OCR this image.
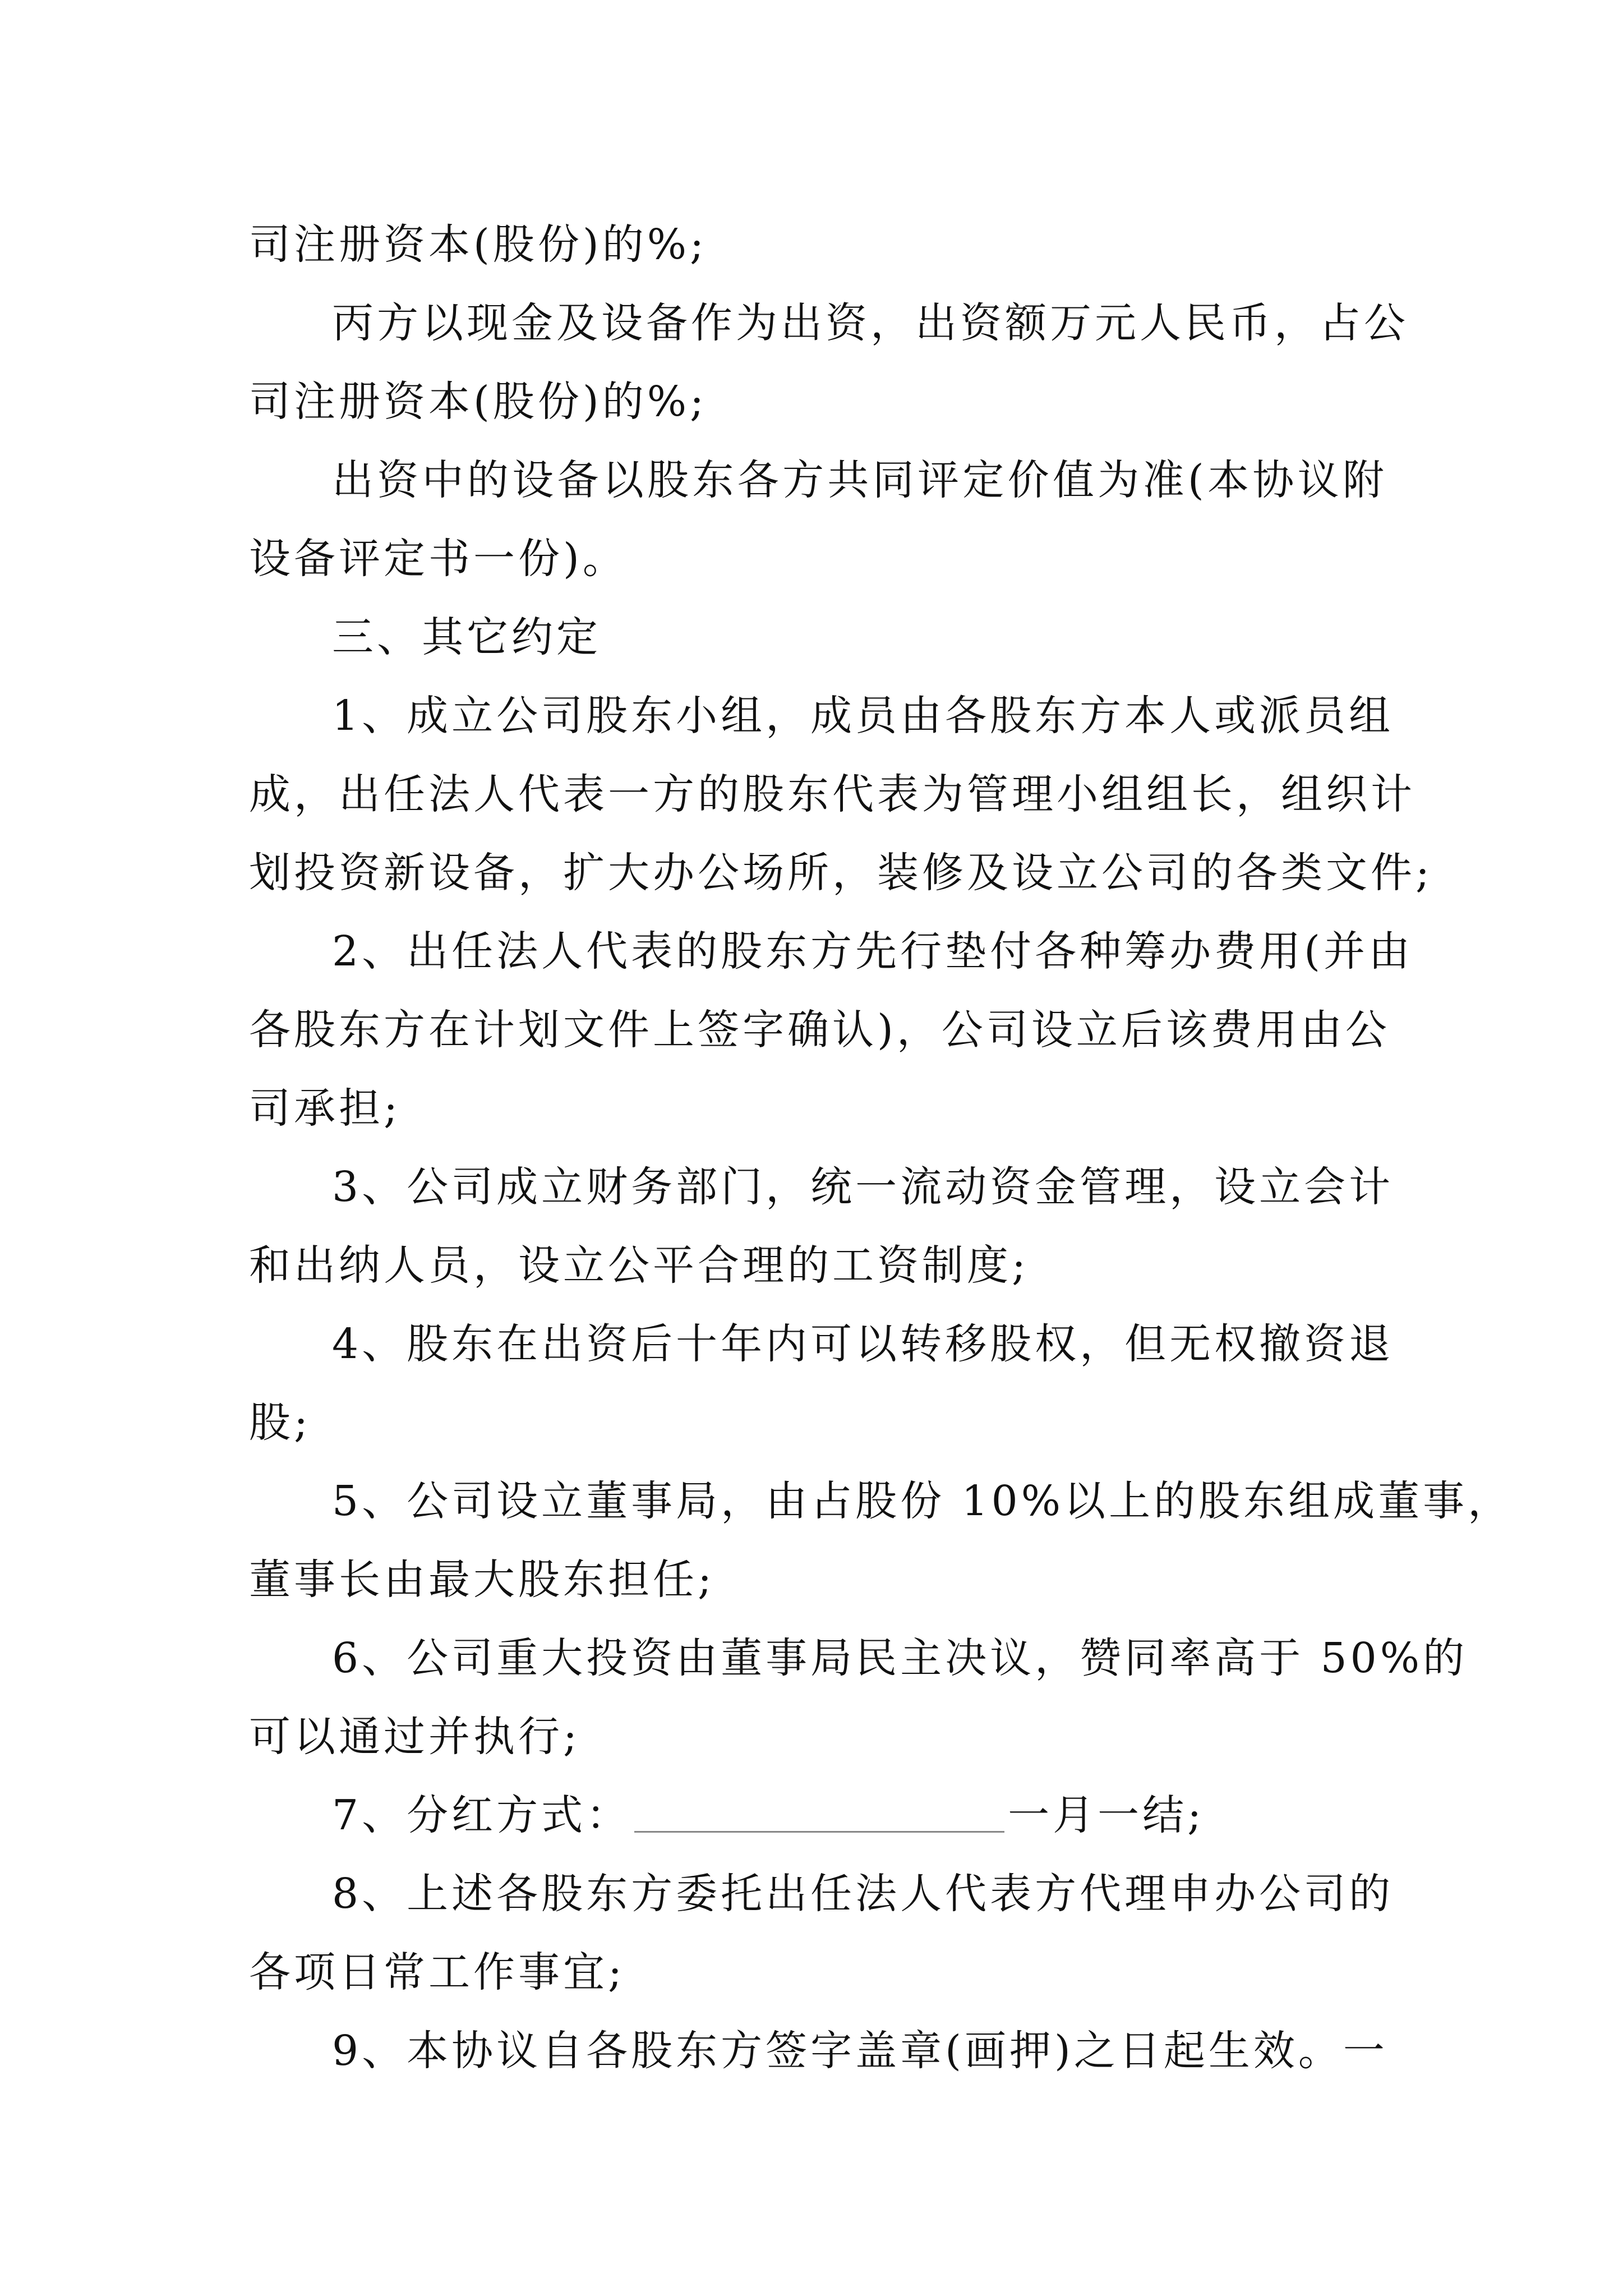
司注册资本(股份)的%;
丙方以现金及设备作为出资，出资额万元人民币，占公
司注册资本(股份)的%;
出资中的设备以股东各方共同评定价值为准(本协议附
设备评定书一份)。
三、其它约定
1、成立公司股东小组，成员由各股东方本人或派员组
成，出任法人代表一方的股东代表为管理小组组长，组织计
划投资新设备，扩大办公场所，装修及设立公司的各类文件;
2、出任法人代表的股东方先行垫付各种筹办费用(并由
各股东方在计划文件上签字确认)，公司设立后该费用由公
司承担;
3、公司成立财务部门，统一流动资金管理，设立会计
和出纳人员，设立公平合理的工资制度;
4、股东在出资后十年内可以转移股权，但无权撤资退
股;
5、公司设立董事局，由占股份 10%以上的股东组成董事，
董事长由最大股东担任;
6、公司重大投资由董事局民主决议，赞同率高于 50%的
可以通过并执行;
7、分红方式：	一月一结;
8、上述各股东方委托出任法人代表方代理申办公司的
各项日常工作事宜;
9、本协议自各股东方签字盖章(画押)之日起生效。一
